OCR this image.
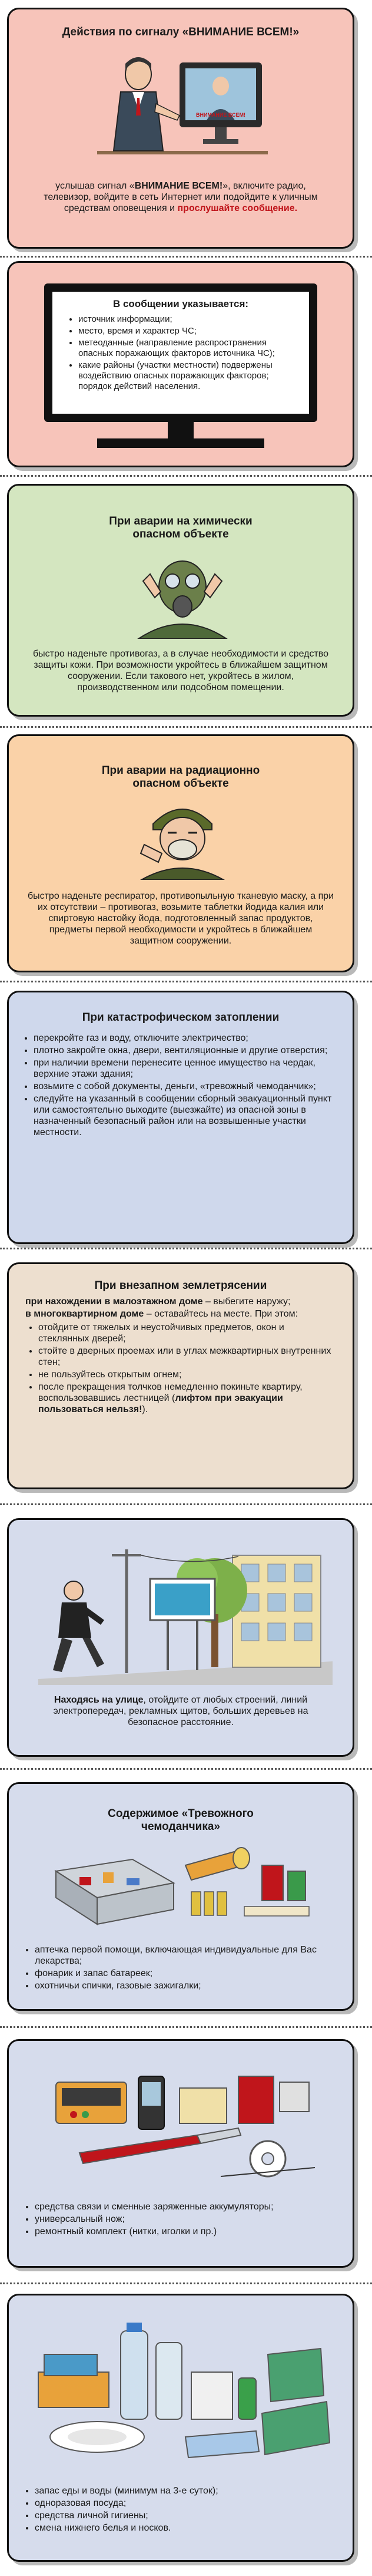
Действия по сигналу «ВНИМАНИЕ ВСЕМ!»
ВНИМАНИЕ ВСЕМ!
услышав сигнал «ВНИМАНИЕ ВСЕМ!», включите радио, телевизор, войдите в сеть Интернет или подойдите к уличным средствам оповещения и прослушайте сообщение.
В сообщении указывается:
• источник информации;
• место, время и характер ЧС;
• метеоданные (направление распространения опасных поражающих факторов источника ЧС);
• какие районы (участки местности) подвержены воздействию опасных поражающих факторов; порядок действий населения.
При аварии на химически опасном объекте
быстро наденьте противогаз, а в случае необходимости и средство защиты кожи. При возможности укройтесь в ближайшем защитном сооружении. Если такового нет, укройтесь в жилом, производственном или подсобном помещении.
При аварии на радиационно опасном объекте
быстро наденьте респиратор, противопыльную тканевую маску, а при их отсутствии – противогаз, возьмите таблетки йодида калия или спиртовую настойку йода, подготовленный запас продуктов, предметы первой необходимости и укройтесь в ближайшем защитном сооружении.
При катастрофическом затоплении
• перекройте газ и воду, отключите электричество;
• плотно закройте окна, двери, вентиляционные и другие отверстия;
• при наличии времени перенесите ценное имущество на чердак, верхние этажи здания;
• возьмите с собой документы, деньги, «тревожный чемоданчик»;
• следуйте на указанный в сообщении сборный эвакуационный пункт или самостоятельно выходите (выезжайте) из опасной зоны в назначенный безопасный район или на возвышенные участки местности.
При внезапном землетрясении
при нахождении в малоэтажном доме – выбегите наружу;
в многоквартирном доме – оставайтесь на месте. При этом:
• отойдите от тяжелых и неустойчивых предметов, окон и стеклянных дверей;
• стойте в дверных проемах или в углах межквартирных внутренних стен;
• не пользуйтесь открытым огнем;
• после прекращения толчков немедленно покиньте квартиру, воспользовавшись лестницей (лифтом при эвакуации пользоваться нельзя!).
Находясь на улице, отойдите от любых строений, линий электропередач, рекламных щитов, больших деревьев на безопасное расстояние.
Содержимое «Тревожного чемоданчика»
• аптечка первой помощи, включающая индивидуальные для Вас лекарства;
• фонарик и запас батареек;
• охотничьи спички, газовые зажигалки;
• средства связи и сменные заряженные аккумуляторы;
• универсальный нож;
• ремонтный комплект (нитки, иголки и пр.)
• запас еды и воды (минимум на 3-е суток);
• одноразовая посуда;
• средства личной гигиены;
• смена нижнего белья и носков.
